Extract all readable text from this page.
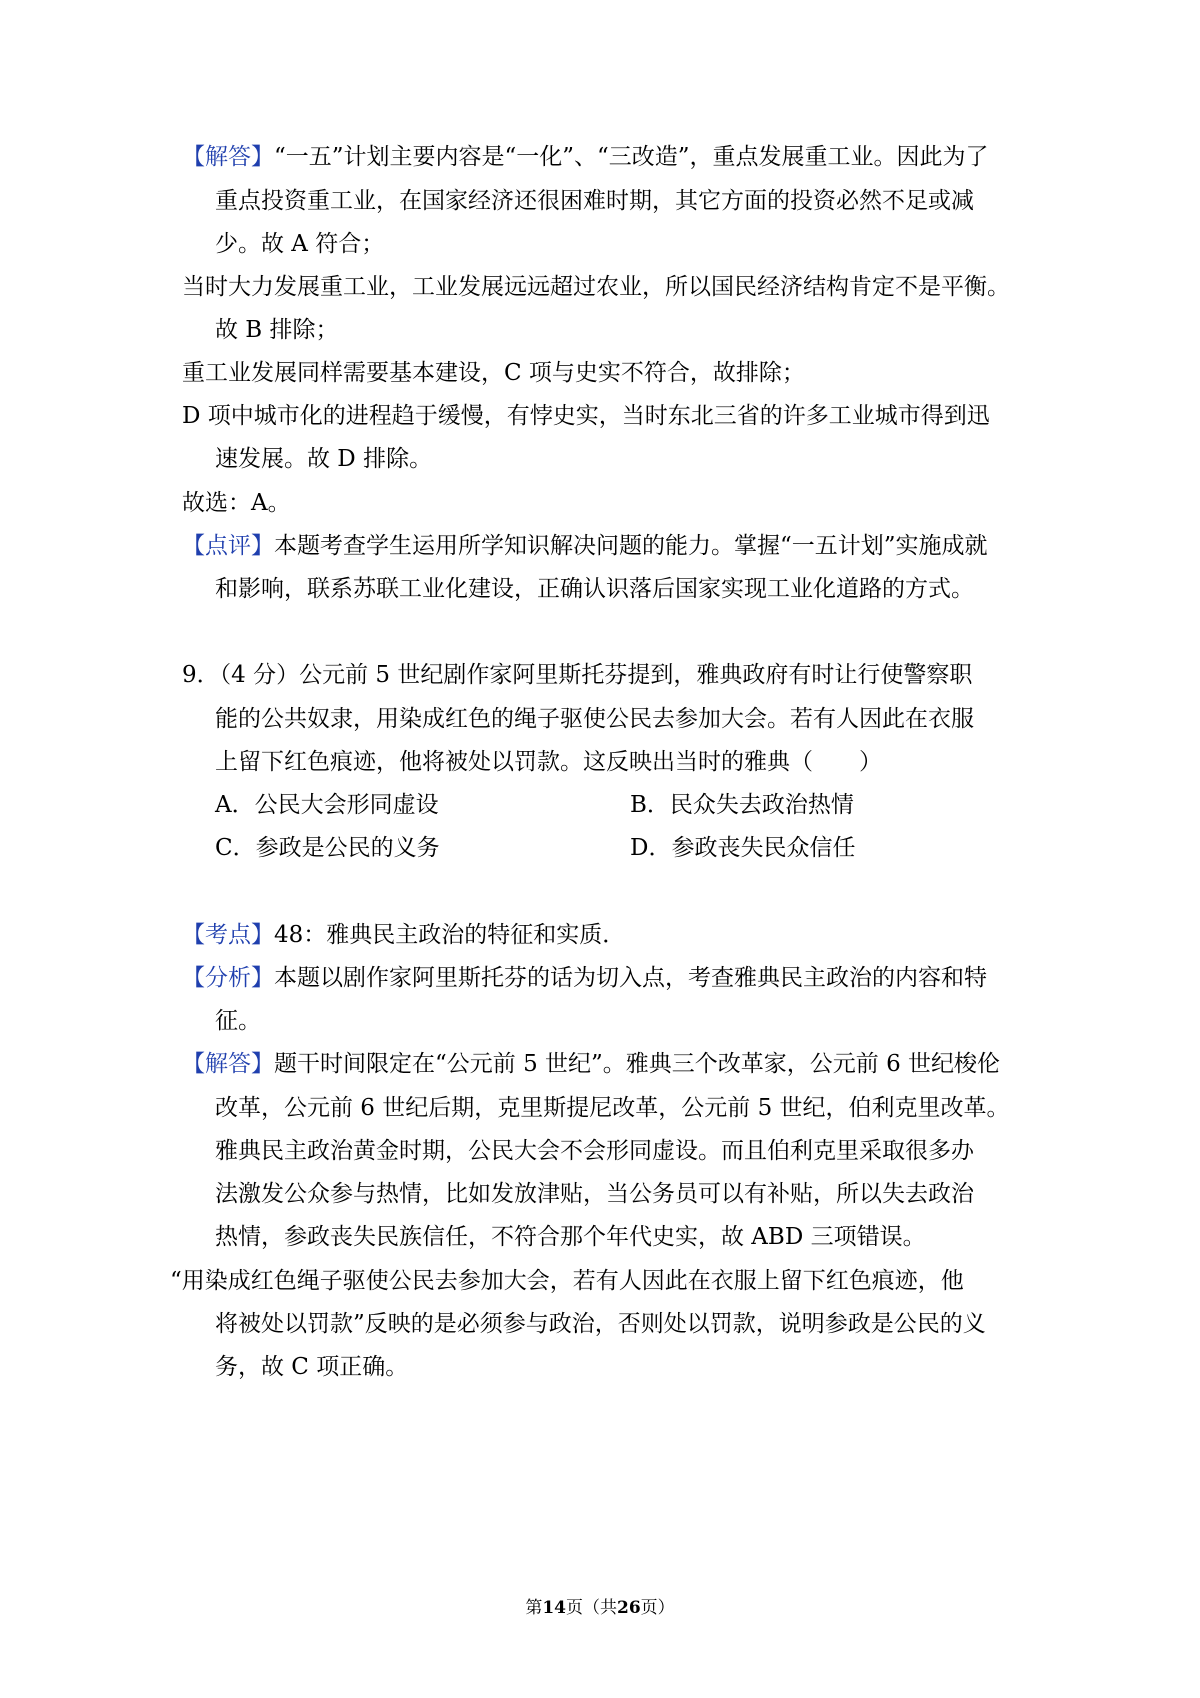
【解答】“一五”计划主要内容是“一化”、“三改造”，重点发展重工业。因此为了
重点投资重工业，在国家经济还很困难时期，其它方面的投资必然不足或减
少。故 A 符合；
当时大力发展重工业，工业发展远远超过农业，所以国民经济结构肯定不是平衡。
故 B 排除；
重工业发展同样需要基本建设，C 项与史实不符合，故排除；
D 项中城市化的进程趋于缓慢，有悖史实，当时东北三省的许多工业城市得到迅
速发展。故 D 排除。
故选：A。
【点评】本题考查学生运用所学知识解决问题的能力。掌握“一五计划”实施成就
和影响，联系苏联工业化建设，正确认识落后国家实现工业化道路的方式。
9．（4 分）公元前 5 世纪剧作家阿里斯托芬提到，雅典政府有时让行使警察职
能的公共奴隶，用染成红色的绳子驱使公民去参加大会。若有人因此在衣服
上留下红色痕迹，他将被处以罚款。这反映出当时的雅典（　　）
A．公民大会形同虚设	B．民众失去政治热情
C．参政是公民的义务	D．参政丧失民众信任
【考点】48：雅典民主政治的特征和实质．
【分析】本题以剧作家阿里斯托芬的话为切入点，考查雅典民主政治的内容和特
征。
【解答】题干时间限定在“公元前 5 世纪”。雅典三个改革家，公元前 6 世纪梭伦
改革，公元前 6 世纪后期，克里斯提尼改革，公元前 5 世纪，伯利克里改革。
雅典民主政治黄金时期，公民大会不会形同虚设。而且伯利克里采取很多办
法激发公众参与热情，比如发放津贴，当公务员可以有补贴，所以失去政治
热情，参政丧失民族信任，不符合那个年代史实，故 ABD 三项错误。
“用染成红色绳子驱使公民去参加大会，若有人因此在衣服上留下红色痕迹，他
将被处以罚款”反映的是必须参与政治，否则处以罚款，说明参政是公民的义
务，故 C 项正确。
第14页（共26页）
